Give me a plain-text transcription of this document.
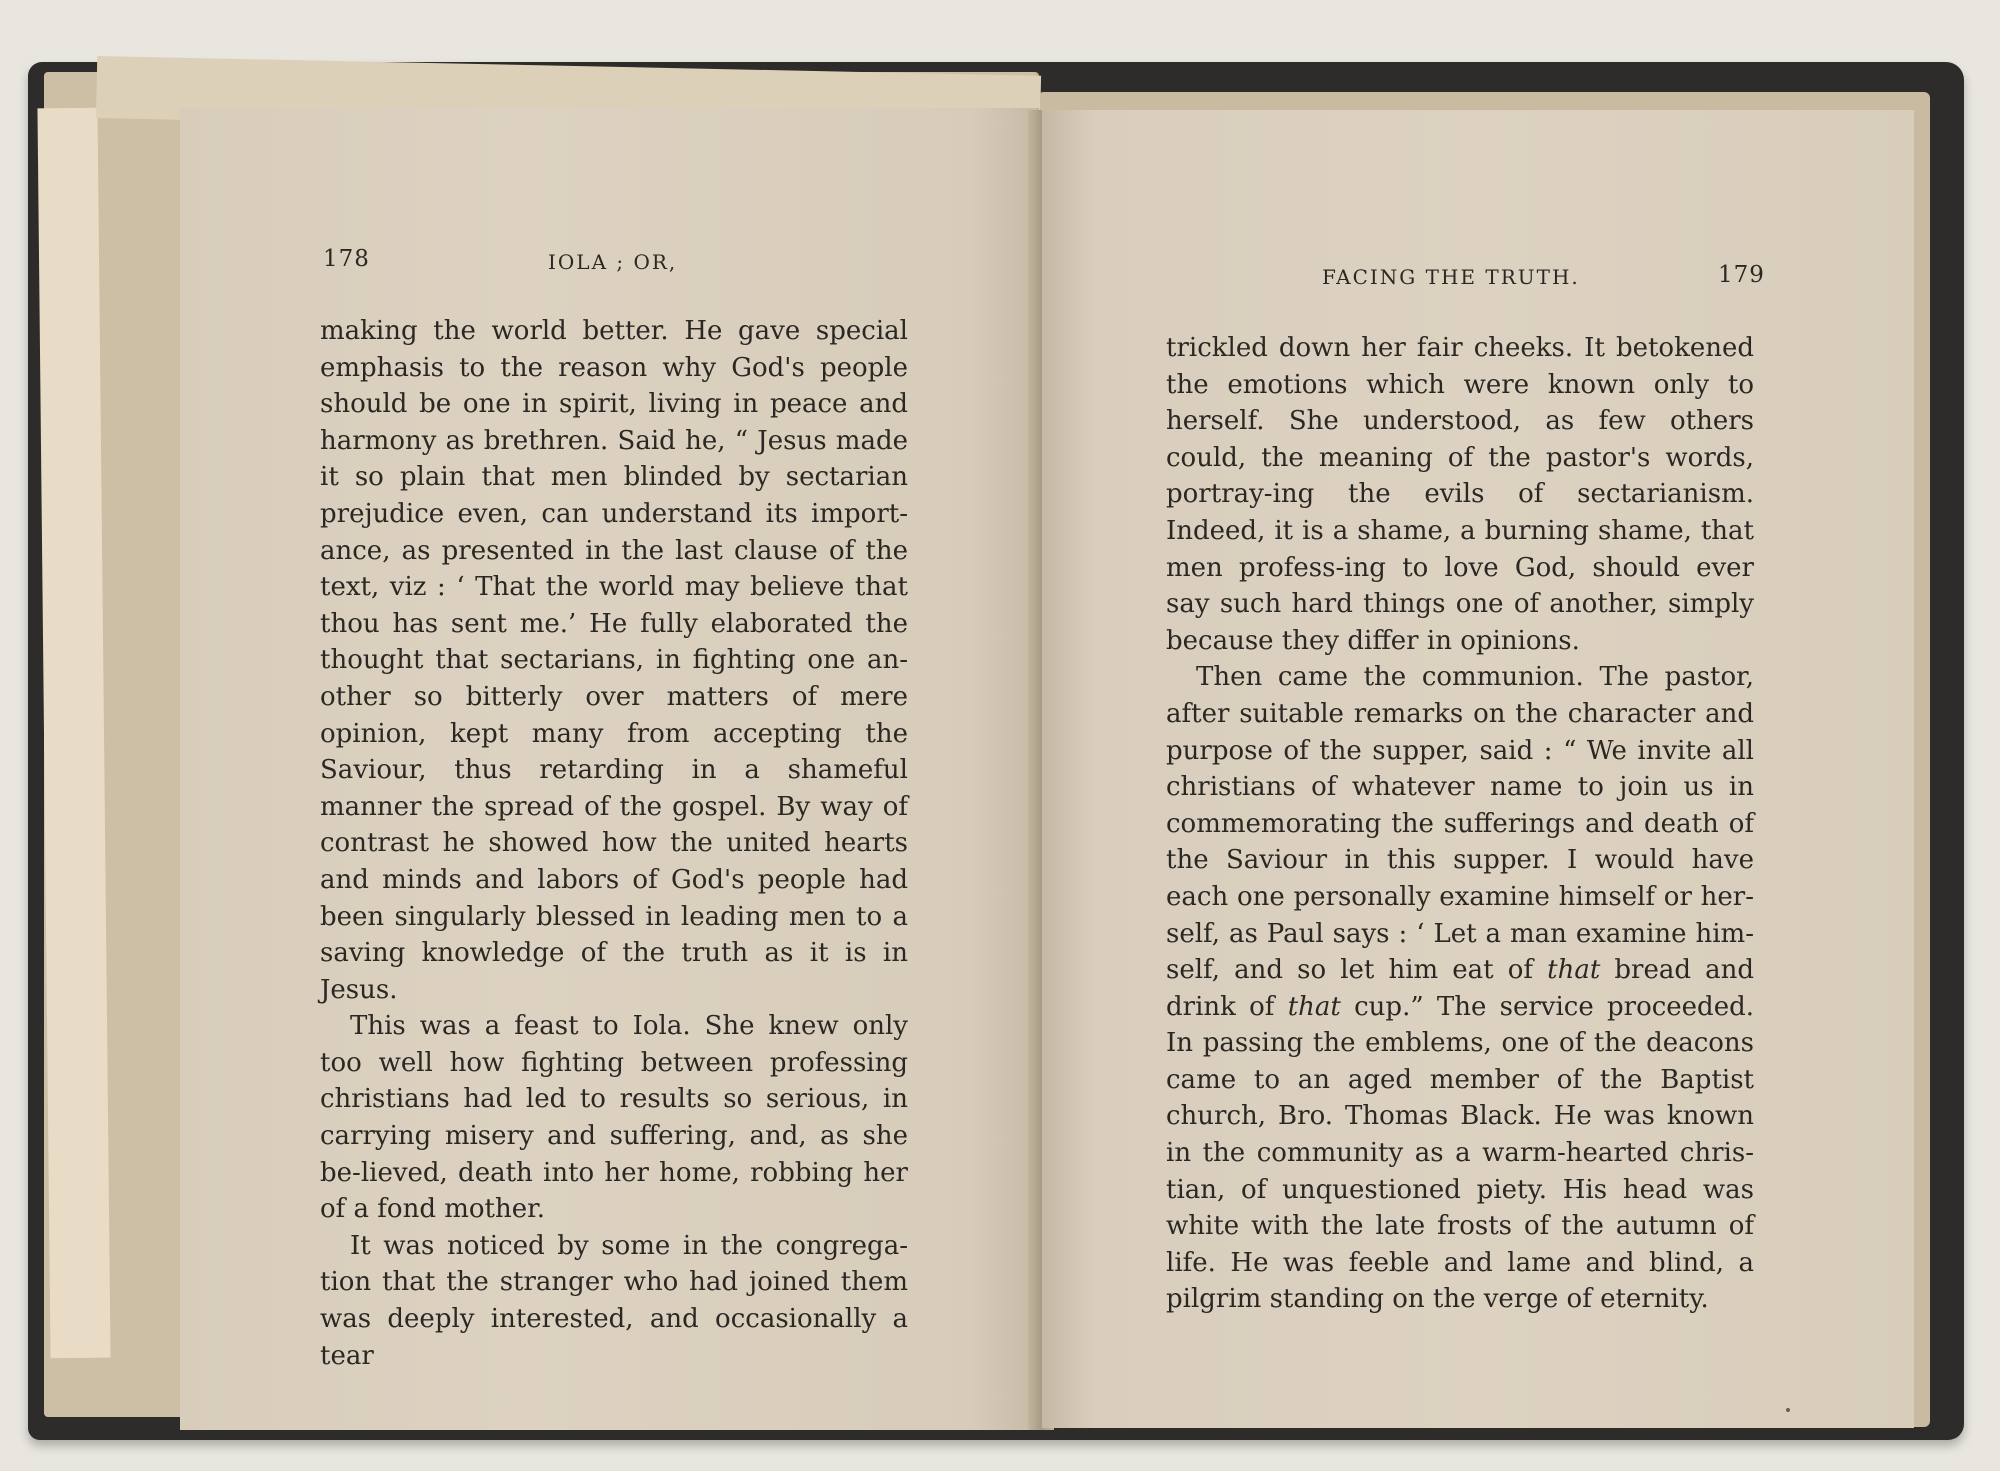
178	IOLA ; OR,

making the world better. He gave special emphasis to the reason why God's people should be one in spirit, living in peace and harmony as brethren. Said he, “ Jesus made it so plain that men blinded by sectarian prejudice even, can understand its import-ance, as presented in the last clause of the text, viz : ‘ That the world may believe that thou has sent me.’ He fully elaborated the thought that sectarians, in fighting one an-other so bitterly over matters of mere opinion, kept many from accepting the Saviour, thus retarding in a shameful manner the spread of the gospel. By way of contrast he showed how the united hearts and minds and labors of God's people had been singularly blessed in leading men to a saving knowledge of the truth as it is in Jesus.

This was a feast to Iola. She knew only too well how fighting between professing christians had led to results so serious, in carrying misery and suffering, and, as she be-lieved, death into her home, robbing her of a fond mother.

It was noticed by some in the congrega-tion that the stranger who had joined them was deeply interested, and occasionally a tear

FACING THE TRUTH.	179

trickled down her fair cheeks. It betokened the emotions which were known only to herself. She understood, as few others could, the meaning of the pastor's words, portray-ing the evils of sectarianism. Indeed, it is a shame, a burning shame, that men profess-ing to love God, should ever say such hard things one of another, simply because they differ in opinions.

Then came the communion. The pastor, after suitable remarks on the character and purpose of the supper, said : “ We invite all christians of whatever name to join us in commemorating the sufferings and death of the Saviour in this supper. I would have each one personally examine himself or her-self, as Paul says : ‘ Let a man examine him-self, and so let him eat of that bread and drink of that cup.” The service proceeded. In passing the emblems, one of the deacons came to an aged member of the Baptist church, Bro. Thomas Black. He was known in the community as a warm-hearted chris-tian, of unquestioned piety. His head was white with the late frosts of the autumn of life. He was feeble and lame and blind, a pilgrim standing on the verge of eternity.
